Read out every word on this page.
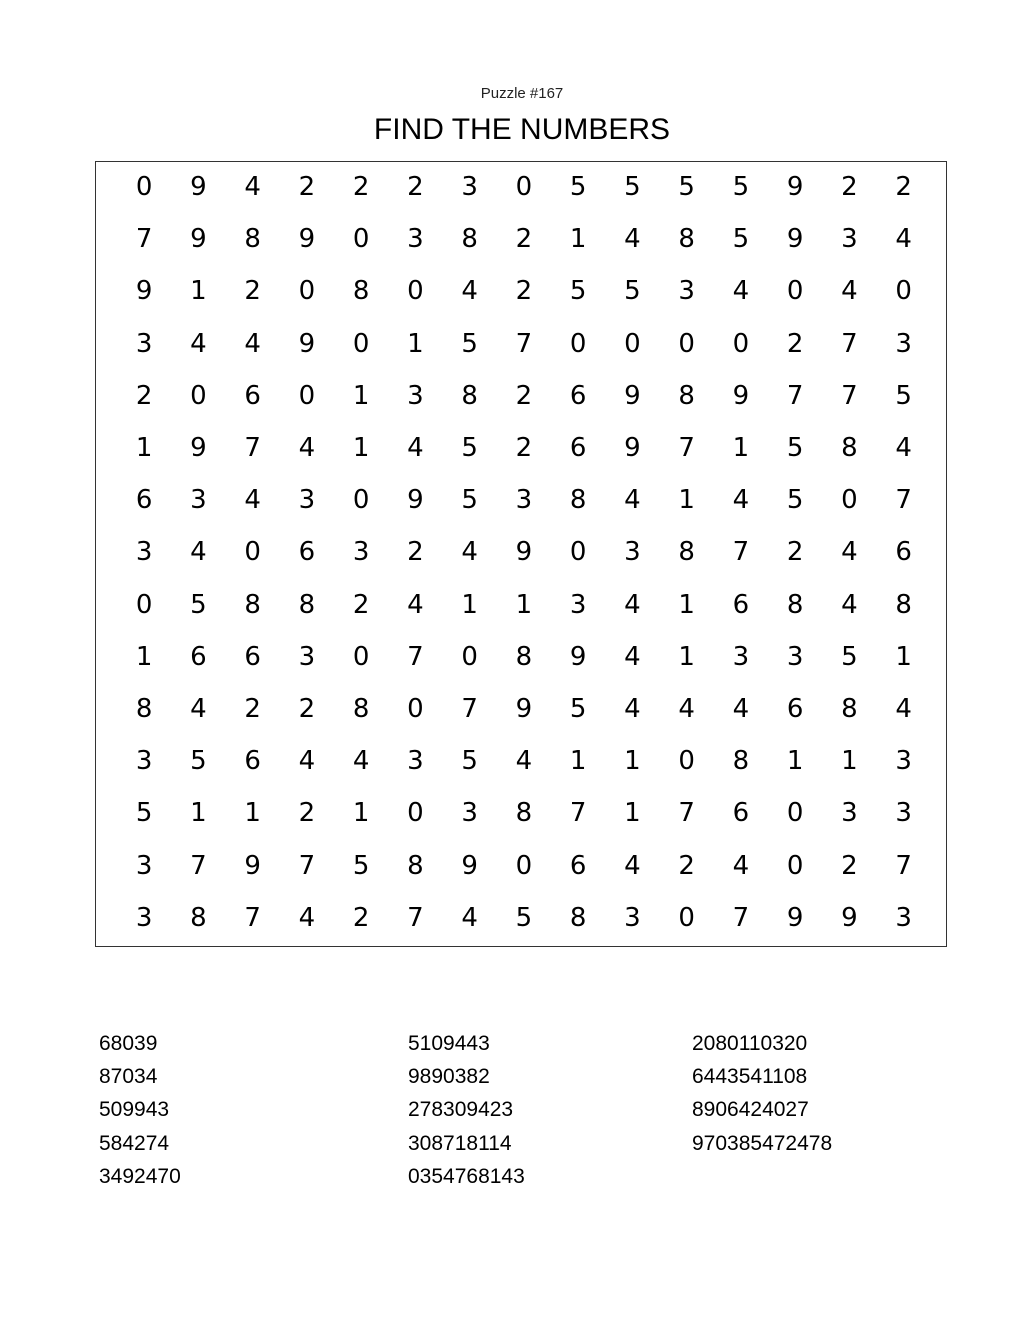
Puzzle #167
FIND THE NUMBERS
0	9	4	2	2	2	3	0	5	5	5	5	9	2	2
7	9	8	9	0	3	8	2	1	4	8	5	9	3	4
9	1	2	0	8	0	4	2	5	5	3	4	0	4	0
3	4	4	9	0	1	5	7	0	0	0	0	2	7	3
2	0	6	0	1	3	8	2	6	9	8	9	7	7	5
1	9	7	4	1	4	5	2	6	9	7	1	5	8	4
6	3	4	3	0	9	5	3	8	4	1	4	5	0	7
3	4	0	6	3	2	4	9	0	3	8	7	2	4	6
0	5	8	8	2	4	1	1	3	4	1	6	8	4	8
1	6	6	3	0	7	0	8	9	4	1	3	3	5	1
8	4	2	2	8	0	7	9	5	4	4	4	6	8	4
3	5	6	4	4	3	5	4	1	1	0	8	1	1	3
5	1	1	2	1	0	3	8	7	1	7	6	0	3	3
3	7	9	7	5	8	9	0	6	4	2	4	0	2	7
3	8	7	4	2	7	4	5	8	3	0	7	9	9	3
68039
87034
509943
584274
3492470
5109443
9890382
278309423
308718114
0354768143
2080110320
6443541108
8906424027
970385472478
